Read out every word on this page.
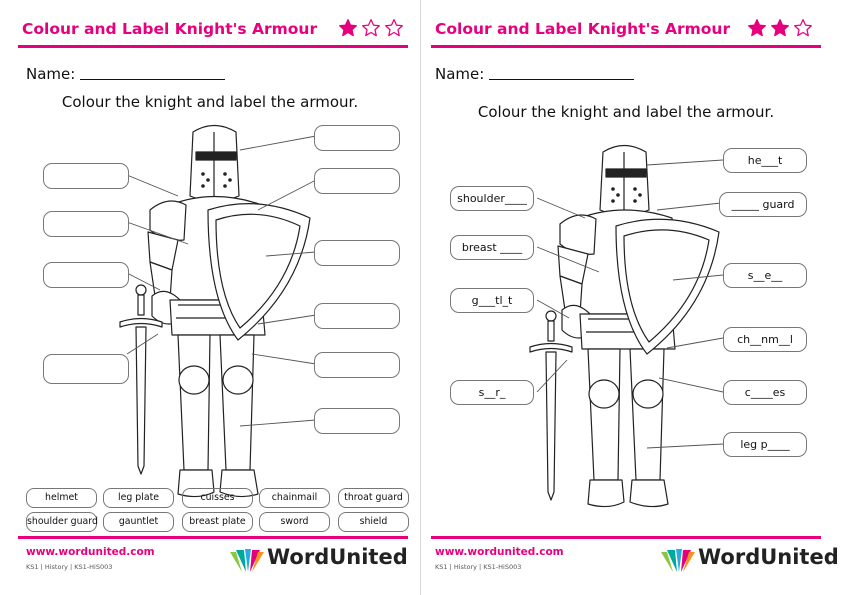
Colour and Label Knight's Armour
Name:
Colour the knight and label the armour.
helmet	leg plate	cuisses	chainmail	throat guard
shoulder guard	gauntlet	breast plate	sword	shield
www.wordunited.com
KS1 | History | KS1-HiS003	WordUnited
Colour and Label Knight's Armour
Name:
Colour the knight and label the armour.
he___t
_____ guard
s__e__
ch__nm__l
c____es
leg p____
shoulder____
breast ____
g___tl_t
s__r_
www.wordunited.com
KS1 | History | KS1-HiS003	WordUnited
